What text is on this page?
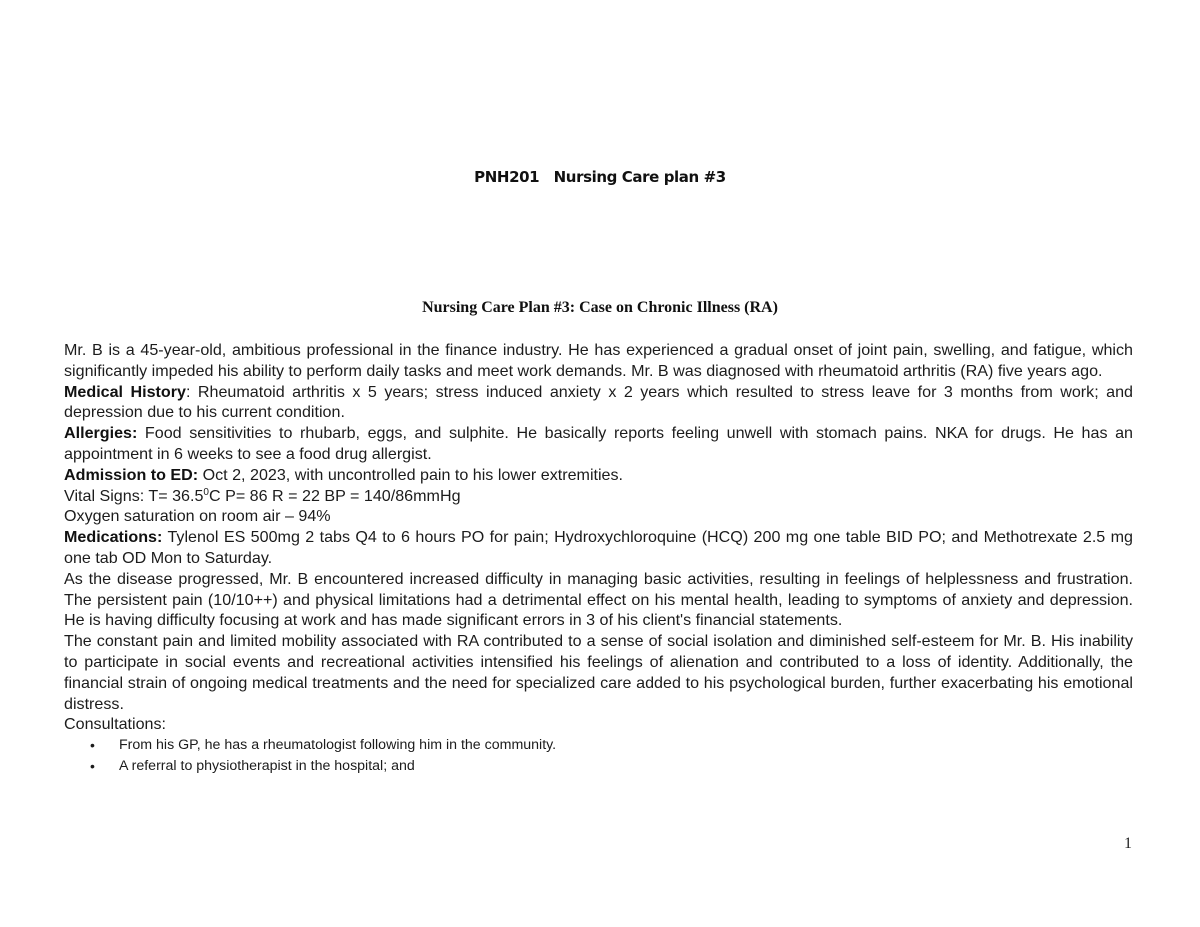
PNH201   Nursing Care plan #3
Nursing Care Plan #3: Case on Chronic Illness (RA)

Mr. B is a 45-year-old, ambitious professional in the finance industry. He has experienced a gradual onset of joint pain, swelling, and fatigue, which significantly impeded his ability to perform daily tasks and meet work demands. Mr. B was diagnosed with rheumatoid arthritis (RA) five years ago.

Medical History: Rheumatoid arthritis x 5 years; stress induced anxiety x 2 years which resulted to stress leave for 3 months from work; and depression due to his current condition.

Allergies: Food sensitivities to rhubarb, eggs, and sulphite. He basically reports feeling unwell with stomach pains. NKA for drugs. He has an appointment in 6 weeks to see a food drug allergist.

Admission to ED: Oct 2, 2023, with uncontrolled pain to his lower extremities.

Vital Signs: $T= 36.5^0C$ P= 86 R = 22 BP = 140/86mmHg

Oxygen saturation on room air – 94%

Medications: Tylenol ES 500mg 2 tabs Q4 to 6 hours PO for pain; Hydroxychloroquine (HCQ) 200 mg one table BID PO; and Methotrexate 2.5 mg one tab OD Mon to Saturday.

As the disease progressed, Mr. B encountered increased difficulty in managing basic activities, resulting in feelings of helplessness and frustration. The persistent pain (10/10++) and physical limitations had a detrimental effect on his mental health, leading to symptoms of anxiety and depression. He is having difficulty focusing at work and has made significant errors in 3 of his client's financial statements.

The constant pain and limited mobility associated with RA contributed to a sense of social isolation and diminished self-esteem for Mr. B. His inability to participate in social events and recreational activities intensified his feelings of alienation and contributed to a loss of identity. Additionally, the financial strain of ongoing medical treatments and the need for specialized care added to his psychological burden, further exacerbating his emotional distress.

Consultations:

• From his GP, he has a rheumatologist following him in the community.
• A referral to physiotherapist in the hospital; and
1
